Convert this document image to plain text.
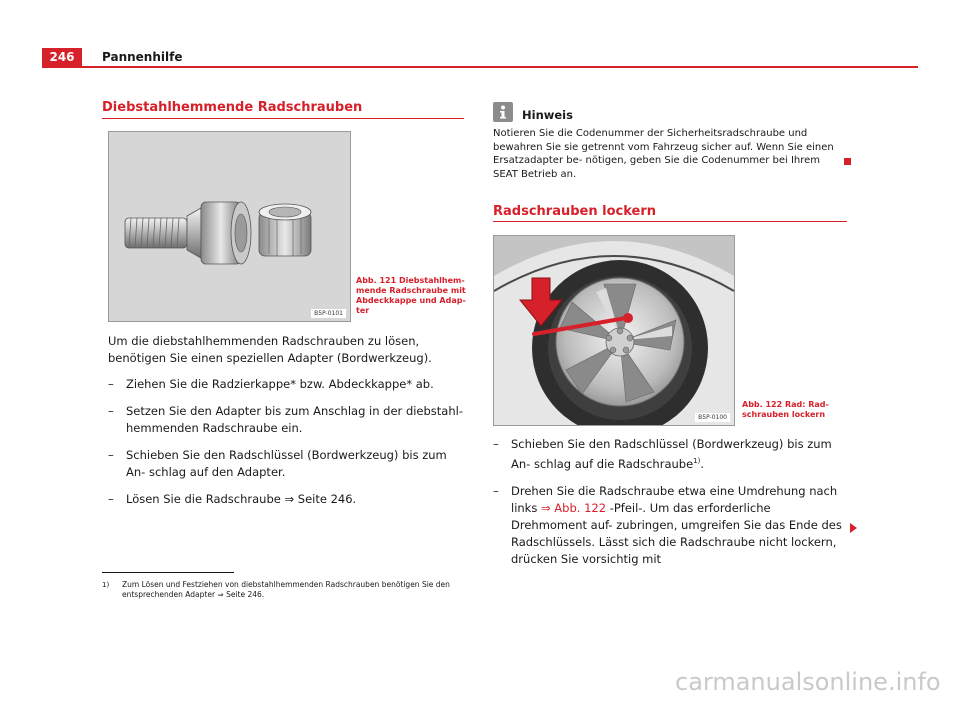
246	Pannenhilfe
Diebstahlhemmende Radschrauben
B5P-0101
Abb. 121 Diebstahlhem-
mende Radschraube mit
Abdeckkappe und Adap-
ter
Um die diebstahlhemmenden Radschrauben zu lösen, benötigen Sie einen speziellen Adapter (Bordwerkzeug).
– Ziehen Sie die Radzierkappe* bzw. Abdeckkappe* ab.
– Setzen Sie den Adapter bis zum Anschlag in der diebstahl- hemmenden Radschraube ein.
– Schieben Sie den Radschlüssel (Bordwerkzeug) bis zum An- schlag auf den Adapter.
– Lösen Sie die Radschraube ⇒ Seite 246.
Hinweis
Notieren Sie die Codenummer der Sicherheitsradschraube und bewahren Sie sie getrennt vom Fahrzeug sicher auf. Wenn Sie einen Ersatzadapter be- nötigen, geben Sie die Codenummer bei Ihrem SEAT Betrieb an.
Radschrauben lockern
B5P-0100
Abb. 122 Rad: Rad-
schrauben lockern
– Schieben Sie den Radschlüssel (Bordwerkzeug) bis zum An- schlag auf die Radschraube$^{1)}$.
– Drehen Sie die Radschraube etwa eine Umdrehung nach links ⇒ Abb. 122 -Pfeil-. Um das erforderliche Drehmoment auf- zubringen, umgreifen Sie das Ende des Radschlüssels. Lässt sich die Radschraube nicht lockern, drücken Sie vorsichtig mit
1) Zum Lösen und Festziehen von diebstahlhemmenden Radschrauben benötigen Sie den entsprechenden Adapter ⇒ Seite 246.
carmanualsonline.info
